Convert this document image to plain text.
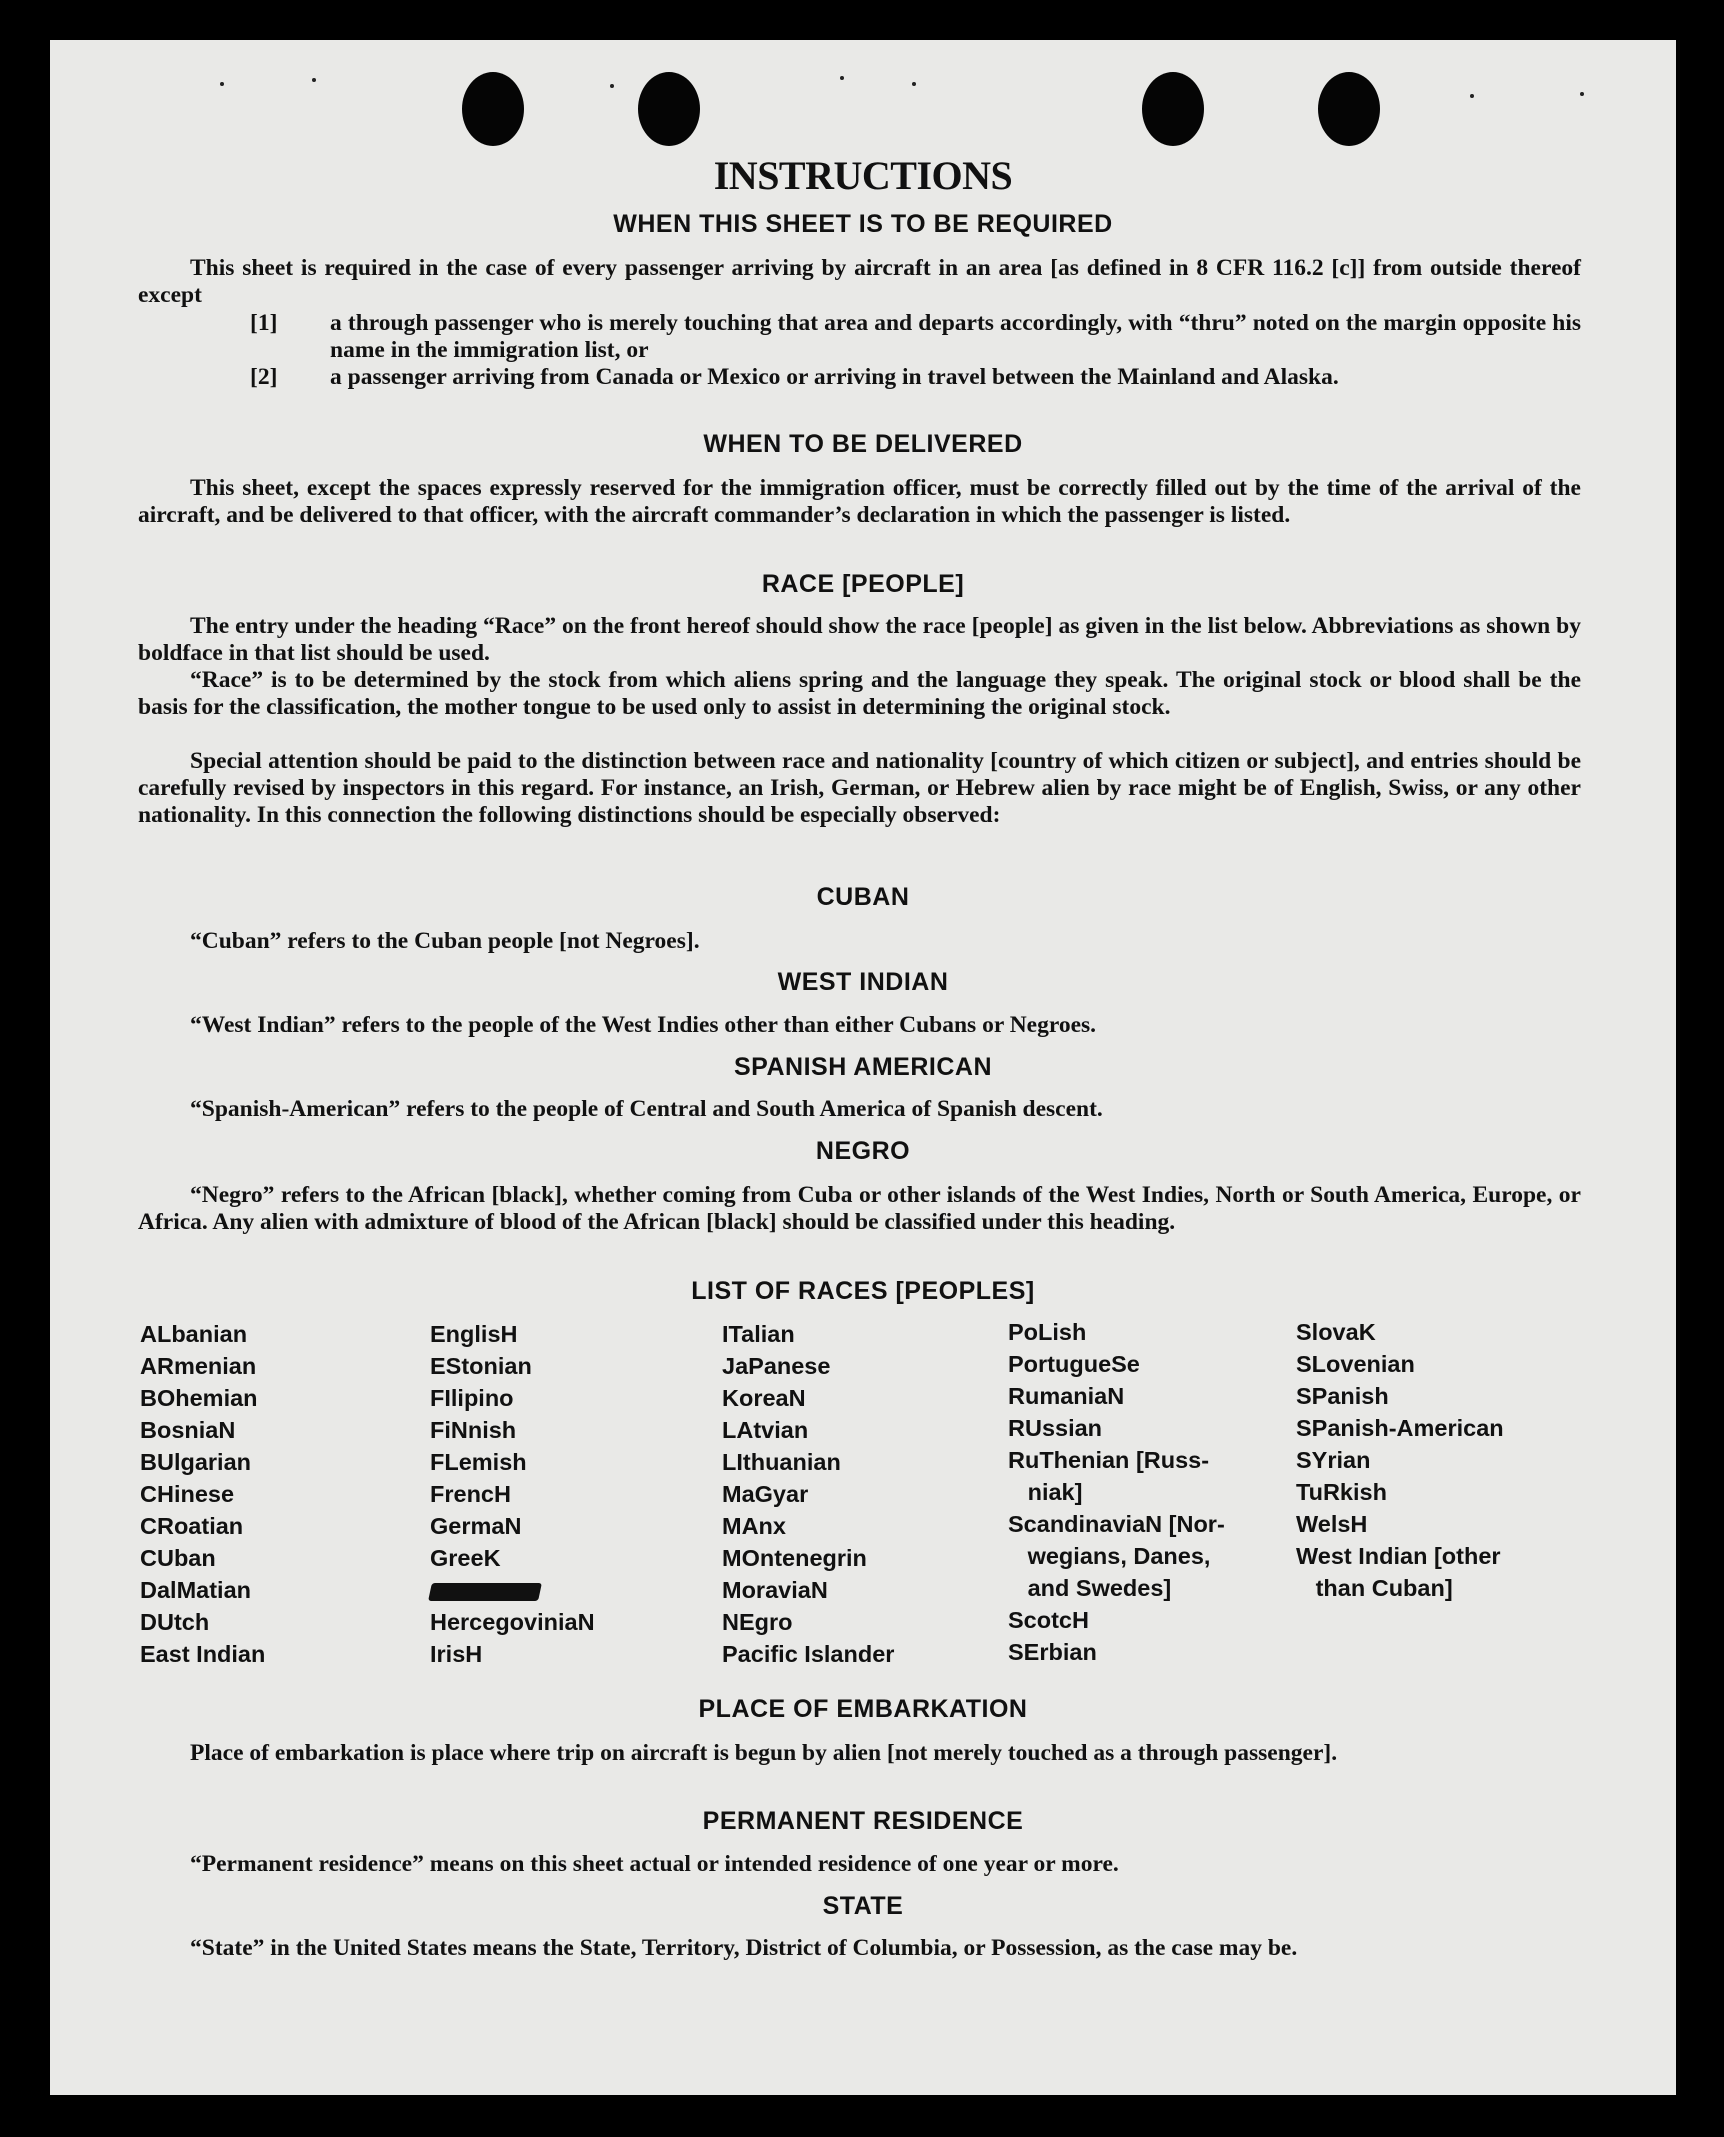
INSTRUCTIONS
WHEN THIS SHEET IS TO BE REQUIRED

This sheet is required in the case of every passenger arriving by aircraft in an area [as defined in 8 CFR 116.2 [c]] from outside thereof except

[1] a through passenger who is merely touching that area and departs accordingly, with “thru” noted on the margin opposite his name in the immigration list, or
[2] a passenger arriving from Canada or Mexico or arriving in travel between the Mainland and Alaska.
WHEN TO BE DELIVERED

This sheet, except the spaces expressly reserved for the immigration officer, must be correctly filled out by the time of the arrival of the aircraft, and be delivered to that officer, with the aircraft commander’s declaration in which the passenger is listed.

RACE [PEOPLE]

The entry under the heading “Race” on the front hereof should show the race [people] as given in the list below. Abbreviations as shown by boldface in that list should be used.

“Race” is to be determined by the stock from which aliens spring and the language they speak. The original stock or blood shall be the basis for the classification, the mother tongue to be used only to assist in determining the original stock.

Special attention should be paid to the distinction between race and nationality [country of which citizen or subject], and entries should be carefully revised by inspectors in this regard. For instance, an Irish, German, or Hebrew alien by race might be of English, Swiss, or any other nationality. In this connection the following distinctions should be especially observed:

CUBAN

“Cuban” refers to the Cuban people [not Negroes].

WEST INDIAN

“West Indian” refers to the people of the West Indies other than either Cubans or Negroes.

SPANISH AMERICAN

“Spanish-American” refers to the people of Central and South America of Spanish descent.

NEGRO

“Negro” refers to the African [black], whether coming from Cuba or other islands of the West Indies, North or South America, Europe, or Africa. Any alien with admixture of blood of the African [black] should be classified under this heading.

LIST OF RACES [PEOPLES]
ALbanian
ARmenian
BOhemian
BosniaN
BUlgarian
CHinese
CRoatian
CUban
DalMatian
DUtch
East Indian
EnglisH
EStonian
FIlipino
FiNnish
FLemish
FrencH
GermaN
GreeK
HercegoviniaN
IrisH
ITalian
JaPanese
KoreaN
LAtvian
LIthuanian
MaGyar
MAnx
MOntenegrin
MoraviaN
NEgro
Pacific Islander
PoLish
PortugueSe
RumaniaN
RUssian
RuThenian [Russ-
niak]
ScandinaviaN [Nor-
wegians, Danes,
and Swedes]
ScotcH
SErbian
SlovaK
SLovenian
SPanish
SPanish-American
SYrian
TuRkish
WelsH
West Indian [other
than Cuban]
PLACE OF EMBARKATION

Place of embarkation is place where trip on aircraft is begun by alien [not merely touched as a through passenger].

PERMANENT RESIDENCE

“Permanent residence” means on this sheet actual or intended residence of one year or more.

STATE

“State” in the United States means the State, Territory, District of Columbia, or Possession, as the case may be.
